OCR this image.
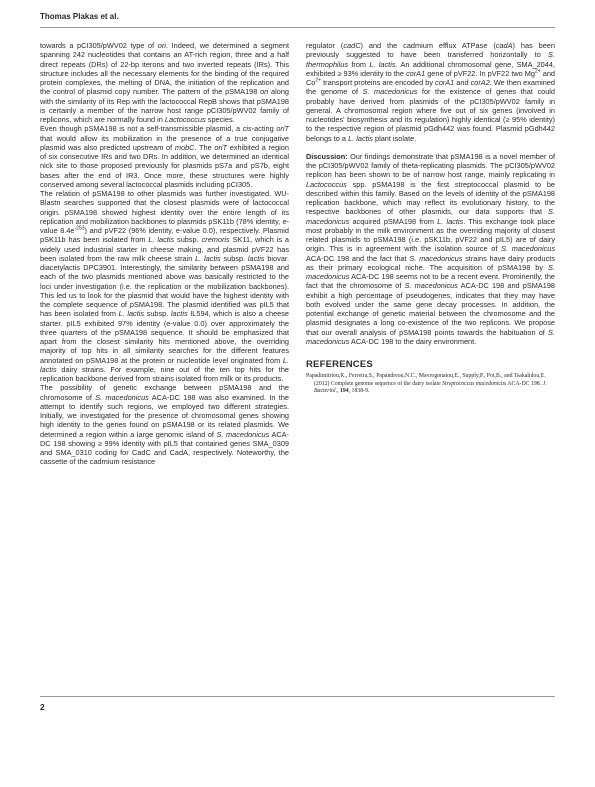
Thomas Plakas et al.

towards a pCI305/pWV02 type of ori. Indeed, we determined a segment spanning 242 nucleotides that contains an AT-rich region, three and a half direct repeats (DRs) of 22-bp iterons and two inverted repeats (IRs). This structure includes all the necessary elements for the binding of the required protein complexes, the melting of DNA, the initiation of the replication and the control of plasmid copy number. The pattern of the pSMA198 ori along with the similarity of its Rep with the lactococcal RepB shows that pSMA198 is certainly a member of the narrow host range pCI305/pWV02 family of replicons, which are normally found in Lactococcus species.

Even though pSMA198 is not a self-transmissible plasmid, a cis-acting oriT that would allow its mobilization in the presence of a true conjugative plasmid was also predicted upstream of mobC. The oriT exhibited a region of six consecutive IRs and two DRs. In addition, we determined an identical nick site to those proposed previously for plasmids pS7a and pS7b, eight bases after the end of IR3. Once more, these structures were highly conserved among several lactococcal plasmids including pCI305.

The relation of pSMA198 to other plasmids was further investigated. WU-Blastn searches supported that the closest plasmids were of lactococcal origin. pSMA198 showed highest identity over the entire length of its replication and mobilization backbones to plasmids pSK11b (78% identity, e-value $8.4e^{-253}$) and pVF22 (96% identity, e-value 0.0), respectively. Plasmid pSK11b has been isolated from L. lactis subsp. cremoris SK11, which is a widely used industrial starter in cheese making, and plasmid pVF22 has been isolated from the raw milk cheese strain L. lactis subsp. lactis biovar. diacetylactis DPC3901. Interestingly, the similarity between pSMA198 and each of the two plasmids mentioned above was basically restricted to the loci under investigation (i.e. the replication or the mobilization backbones). This led us to look for the plasmid that would have the highest identity with the complete sequence of pSMA198. The plasmid identified was pIL5 that has been isolated from L. lactis subsp. lactis IL594, which is also a cheese starter. pIL5 exhibited 97% identity (e-value 0.0) over approximately the three quarters of the pSMA198 sequence. It should be emphasized that apart from the closest similarity hits mentioned above, the overriding majority of top hits in all similarity searches for the different features annotated on pSMA198 at the protein or nucleotide level originated from L. lactis dairy strains. For example, nine out of the ten top hits for the replication backbone derived from strains isolated from milk or its products.

The possibility of genetic exchange between pSMA198 and the chromosome of S. macedonicus ACA-DC 198 was also examined. In the attempt to identify such regions, we employed two different strategies. Initially, we investigated for the presence of chromosomal genes showing high identity to the genes found on pSMA198 or its related plasmids. We determined a region within a large genomic island of S. macedonicus ACA-DC 198 showing ≥ 99% identity with pIL5 that contained genes SMA_0309 and SMA_0310 coding for CadC and CadA, respectively. Noteworthy, the cassette of the cadmium resistance

regulator (cadC) and the cadmium efflux ATPase (cadA) has been previously suggested to have been transferred horizontally to S. thermophilus from L. lactis. An additional chromosomal gene, SMA_2044, exhibited ≥ 93% identity to the corA1 gene of pVF22. In pVF22 two $Mg^{2+}$ and $Co^{2+}$ transport proteins are encoded by corA1 and corA2. We then examined the genome of S. macedonicus for the existence of genes that could probably have derived from plasmids of the pCI305/pWV02 family in general. A chromosomal region where five out of six genes (involved in nucleotides' biosynthesis and its regulation) highly identical (≥ 95% identity) to the respective region of plasmid pGdh442 was found. Plasmid pGdh442 belongs to a L. lactis plant isolate.

Discussion: Our findings demonstrate that pSMA198 is a novel member of the pCI305/pWV02 family of theta-replicating plasmids. The pCI305/pWV02 replicon has been shown to be of narrow host range, mainly replicating in Lactococcus spp. pSMA198 is the first streptococcal plasmid to be described within this family. Based on the levels of identity of the pSMA198 replication backbone, which may reflect its evolutionary history, to the respective backbones of other plasmids, our data supports that S. macedonicus acquired pSMA198 from L. lactis. This exchange took place most probably in the milk environment as the overriding majority of closest related plasmids to pSMA198 (i.e. pSK11b, pVF22 and pIL5) are of dairy origin. This is in agreement with the isolation source of S. macedonicus ACA-DC 198 and the fact that S. macedonicus strains have dairy products as their primary ecological niche. The acquisition of pSMA198 by S. macedonicus ACA-DC 198 seems not to be a recent event. Prominently, the fact that the chromosome of S. macedonicus ACA-DC 198 and pSMA198 exhibit a high percentage of pseudogenes, indicates that they may have both evolved under the same gene decay processes. In addition, the potential exchange of genetic material between the chromosome and the plasmid designates a long co-existence of the two replicons. We propose that our overall analysis of pSMA198 points towards the habituation of S. macedonicus ACA-DC 198 to the dairy environment.

REFERENCES
Papadimitriou,K., Ferreira,S., Papandreou,N.C., Mavrogonatou,E., Supply,P., Pot,B., and Tsakalidou,E. (2012) Complete genome sequence of the dairy isolate Streptococcus macedonicus ACA-DC 198. J. Bacteriol., 194, 1838-9.
2
